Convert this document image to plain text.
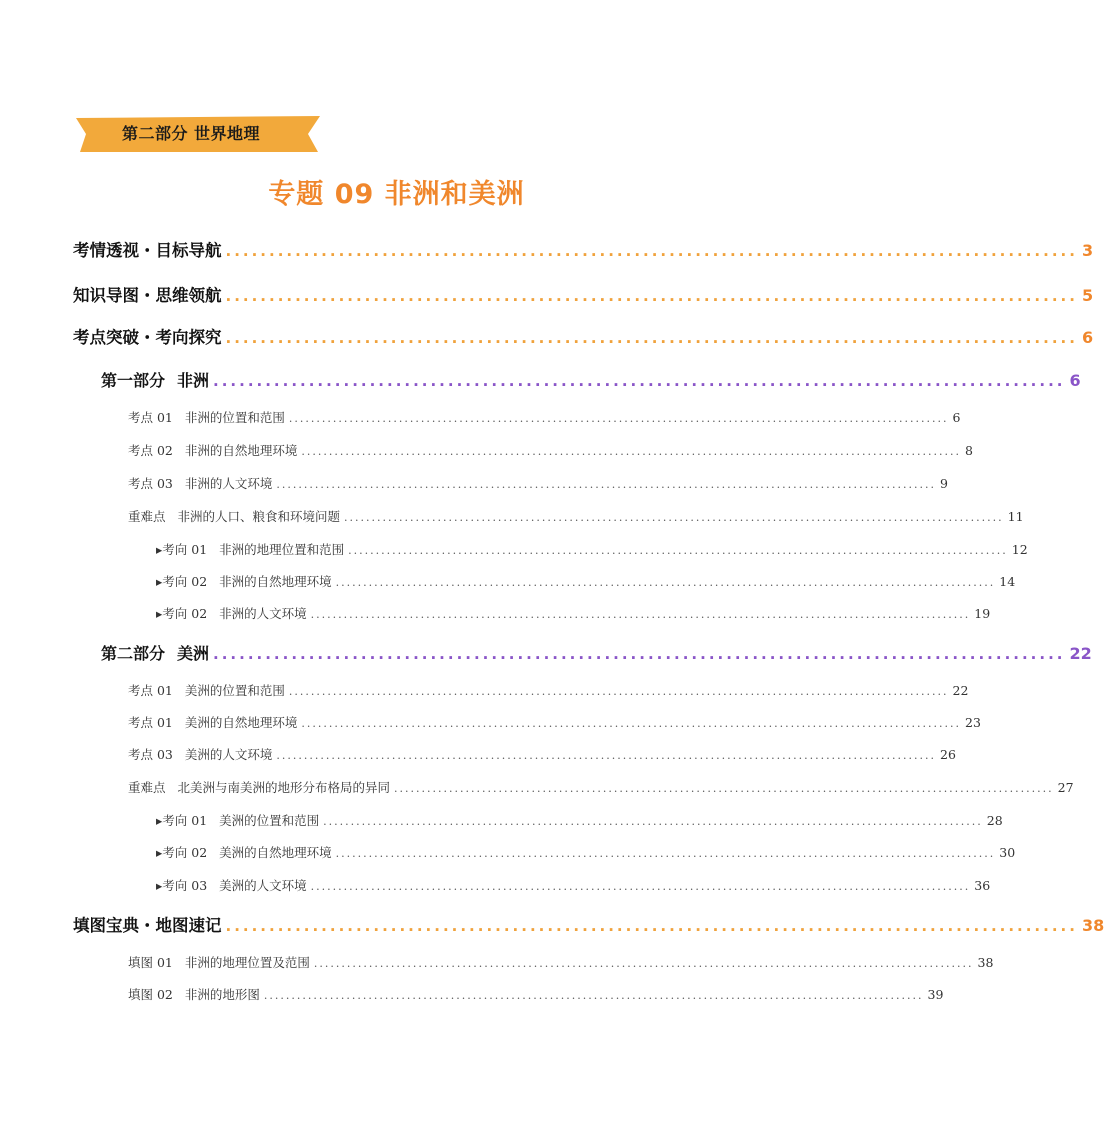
第二部分 世界地理
专题 09 非洲和美洲
考情透视・目标导航 .................................................................................................. 3
知识导图・思维领航 .................................................................................................. 5
考点突破・考向探究 .................................................................................................. 6
第一部分 非洲 .................................................................................................. 6
考点 01 非洲的位置和范围 ........................................................................................................................ 6
考点 02 非洲的自然地理环境 ........................................................................................................................ 8
考点 03 非洲的人文环境 ........................................................................................................................ 9
重难点 非洲的人口、粮食和环境问题 ........................................................................................................................ 11
▸考向 01 非洲的地理位置和范围 ........................................................................................................................ 12
▸考向 02 非洲的自然地理环境 ........................................................................................................................ 14
▸考向 02 非洲的人文环境 ........................................................................................................................ 19
第二部分 美洲 .................................................................................................. 22
考点 01 美洲的位置和范围 ........................................................................................................................ 22
考点 01 美洲的自然地理环境 ........................................................................................................................ 23
考点 03 美洲的人文环境 ........................................................................................................................ 26
重难点 北美洲与南美洲的地形分布格局的异同 ........................................................................................................................ 27
▸考向 01 美洲的位置和范围 ........................................................................................................................ 28
▸考向 02 美洲的自然地理环境 ........................................................................................................................ 30
▸考向 03 美洲的人文环境 ........................................................................................................................ 36
填图宝典・地图速记 .................................................................................................. 38
填图 01 非洲的地理位置及范围 ........................................................................................................................ 38
填图 02 非洲的地形图 ........................................................................................................................ 39
